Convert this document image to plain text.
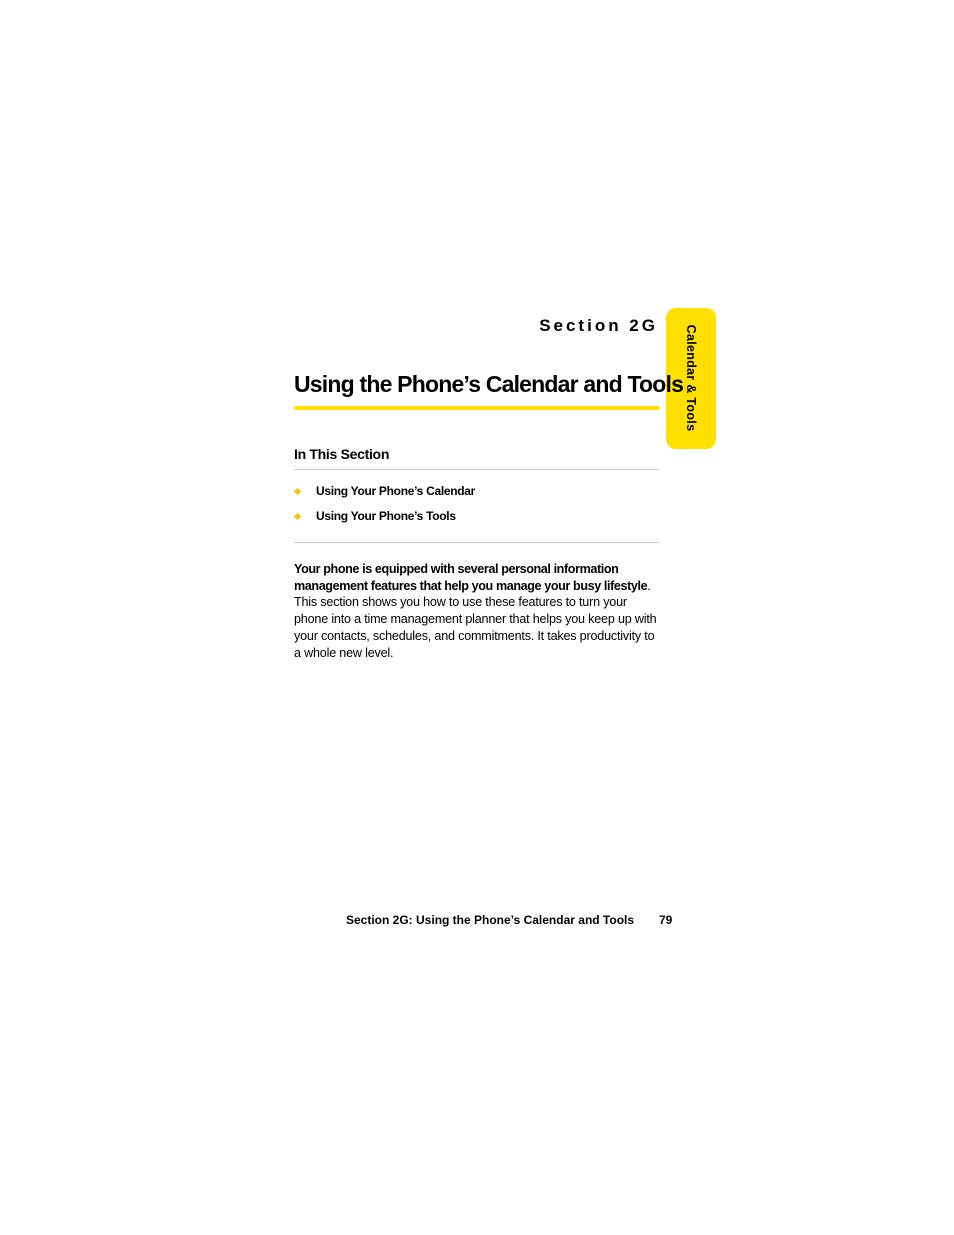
Section 2G Calendar & Tools
Using the Phone’s Calendar and Tools
In This Section
Using Your Phone’s Calendar
Using Your Phone’s Tools

Your phone is equipped with several personal information management features that help you manage your busy lifestyle. This section shows you how to use these features to turn your phone into a time management planner that helps you keep up with your contacts, schedules, and commitments. It takes productivity to a whole new level.

Section 2G: Using the Phone’s Calendar and Tools 79
